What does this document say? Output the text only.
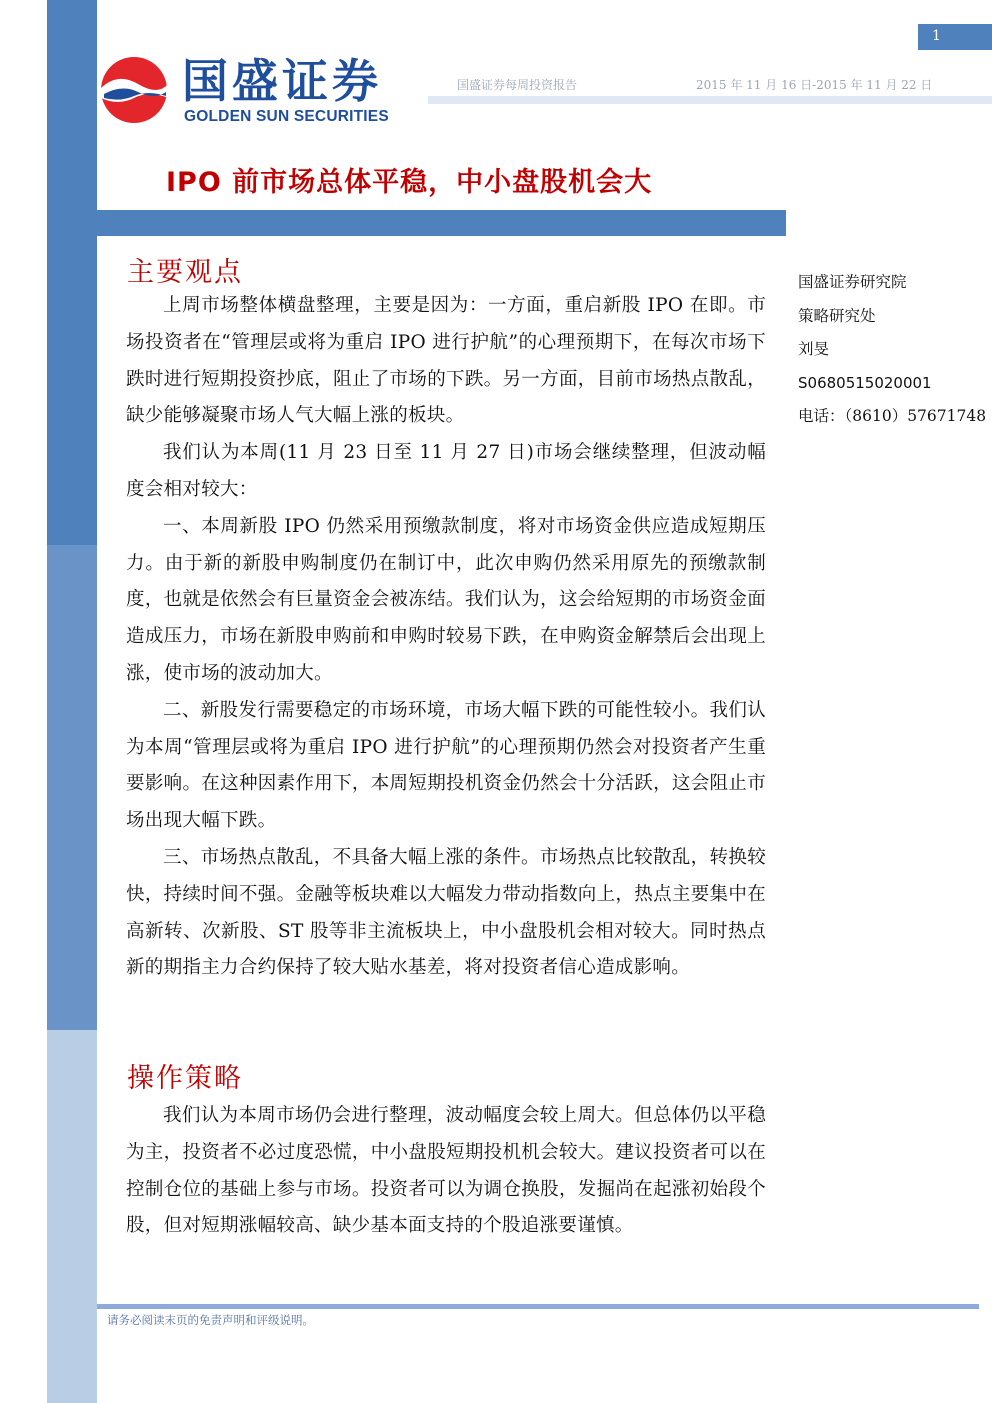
1
国盛证券
GOLDEN SUN SECURITIES
国盛证券每周投资报告	2015 年 11 月 16 日-2015 年 11 月 22 日
IPO 前市场总体平稳，中小盘股机会大
主要观点

上周市场整体横盘整理，主要是因为：一方面，重启新股 IPO 在即。市场投资者在“管理层或将为重启 IPO 进行护航”的心理预期下，在每次市场下跌时进行短期投资抄底，阻止了市场的下跌。另一方面，目前市场热点散乱，缺少能够凝聚市场人气大幅上涨的板块。

我们认为本周(11 月 23 日至 11 月 27 日)市场会继续整理，但波动幅度会相对较大：

一、本周新股 IPO 仍然采用预缴款制度，将对市场资金供应造成短期压力。由于新的新股申购制度仍在制订中，此次申购仍然采用原先的预缴款制度，也就是依然会有巨量资金会被冻结。我们认为，这会给短期的市场资金面造成压力，市场在新股申购前和申购时较易下跌，在申购资金解禁后会出现上涨，使市场的波动加大。

二、新股发行需要稳定的市场环境，市场大幅下跌的可能性较小。我们认为本周“管理层或将为重启 IPO 进行护航”的心理预期仍然会对投资者产生重要影响。在这种因素作用下，本周短期投机资金仍然会十分活跃，这会阻止市场出现大幅下跌。

三、市场热点散乱，不具备大幅上涨的条件。市场热点比较散乱，转换较快，持续时间不强。金融等板块难以大幅发力带动指数向上，热点主要集中在高新转、次新股、ST 股等非主流板块上，中小盘股机会相对较大。同时热点新的期指主力合约保持了较大贴水基差，将对投资者信心造成影响。

操作策略

我们认为本周市场仍会进行整理，波动幅度会较上周大。但总体仍以平稳为主，投资者不必过度恐慌，中小盘股短期投机机会较大。建议投资者可以在控制仓位的基础上参与市场。投资者可以为调仓换股，发掘尚在起涨初始段个股，但对短期涨幅较高、缺少基本面支持的个股追涨要谨慎。

国盛证券研究院
策略研究处
刘旻
S0680515020001
电话：（8610）57671748
请务必阅读末页的免责声明和评级说明。
